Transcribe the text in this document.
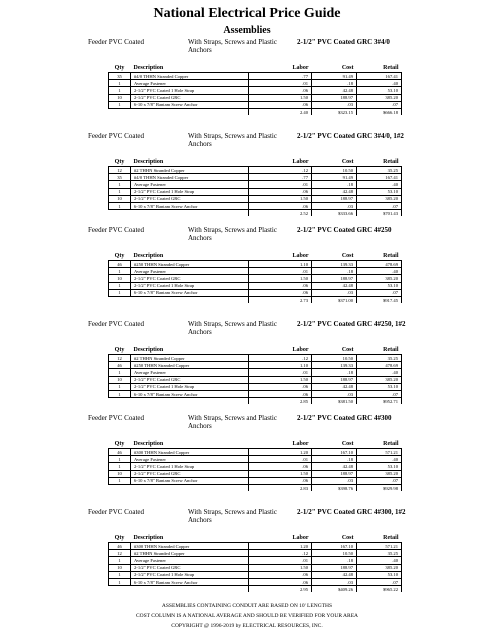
National Electrical Price Guide
Assemblies
Feeder PVC Coated	With Straps, Screws and Plastic Anchors
2-1/2" PVC Coated GRC 3#4/0
Qty	Description	Labor	Cost	Retail
35	#4/0 THHN Stranded Copper	.77	91.49	167.41
1	Average Fastener	.01	.18	.40
1	2-1/2" PVC Coated 1 Hole Strap	.06	42.48	53.10
10	2-1/2" PVC Coated GRC	1.50	188.97	385.20
1	6-10 x 7/8" Bantam Screw Anchor	.06	.03	.07
		2.40	$323.15	$666.18
Feeder PVC Coated	With Straps, Screws and Plastic Anchors
2-1/2" PVC Coated GRC 3#4/0, 1#2
Qty	Description	Labor	Cost	Retail
12	#2 THHN Stranded Copper	.12	10.50	35.25
35	#4/0 THHN Stranded Copper	.77	91.49	167.41
1	Average Fastener	.01	.18	.40
1	2-1/2" PVC Coated 1 Hole Strap	.06	42.48	53.10
10	2-1/2" PVC Coated GRC	1.50	188.97	385.20
1	6-10 x 7/8" Bantam Screw Anchor	.06	.03	.07
		2.52	$333.66	$701.43
Feeder PVC Coated	With Straps, Screws and Plastic Anchors
2-1/2" PVC Coated GRC 4#250
Qty	Description	Labor	Cost	Retail
46	#250 THHN Stranded Copper	1.10	139.33	478.69
1	Average Fastener	.01	.18	.40
10	2-1/2" PVC Coated GRC	1.50	188.97	385.20
1	2-1/2" PVC Coated 1 Hole Strap	.06	42.48	53.10
1	6-10 x 7/8" Bantam Screw Anchor	.06	.03	.07
		2.73	$371.00	$917.45
Feeder PVC Coated	With Straps, Screws and Plastic Anchors
2-1/2" PVC Coated GRC 4#250, 1#2
Qty	Description	Labor	Cost	Retail
12	#2 THHN Stranded Copper	.12	10.50	35.25
46	#250 THHN Stranded Copper	1.10	139.33	478.69
1	Average Fastener	.01	.18	.40
10	2-1/2" PVC Coated GRC	1.50	188.97	385.20
1	2-1/2" PVC Coated 1 Hole Strap	.06	42.48	53.10
1	6-10 x 7/8" Bantam Screw Anchor	.06	.03	.07
		2.85	$381.50	$952.71
Feeder PVC Coated	With Straps, Screws and Plastic Anchors
2-1/2" PVC Coated GRC 4#300
Qty	Description	Labor	Cost	Retail
46	#300 THHN Stranded Copper	1.20	167.10	571.21
1	Average Fastener	.01	.18	.40
1	2-1/2" PVC Coated 1 Hole Strap	.06	42.48	53.10
10	2-1/2" PVC Coated GRC	1.50	188.97	385.20
1	6-10 x 7/8" Bantam Screw Anchor	.06	.03	.07
		2.83	$398.76	$929.98
Feeder PVC Coated	With Straps, Screws and Plastic Anchors
2-1/2" PVC Coated GRC 4#300, 1#2
Qty	Description	Labor	Cost	Retail
46	#300 THHN Stranded Copper	1.20	167.10	571.21
12	#2 THHN Stranded Copper	.12	10.50	35.25
1	Average Fastener	.01	.18	.40
10	2-1/2" PVC Coated GRC	1.50	188.97	385.20
1	2-1/2" PVC Coated 1 Hole Strap	.06	42.48	53.10
1	6-10 x 7/8" Bantam Screw Anchor	.06	.03	.07
		2.95	$409.26	$965.22
ASSEMBLIES CONTAINING CONDUIT ARE BASED ON 10' LENGTHS
COST COLUMN IS A NATIONAL AVERAGE AND SHOULD BE VERIFIED FOR YOUR AREA
COPYRIGHT @ 1996-2019 by ELECTRICAL RESOURCES, INC.
